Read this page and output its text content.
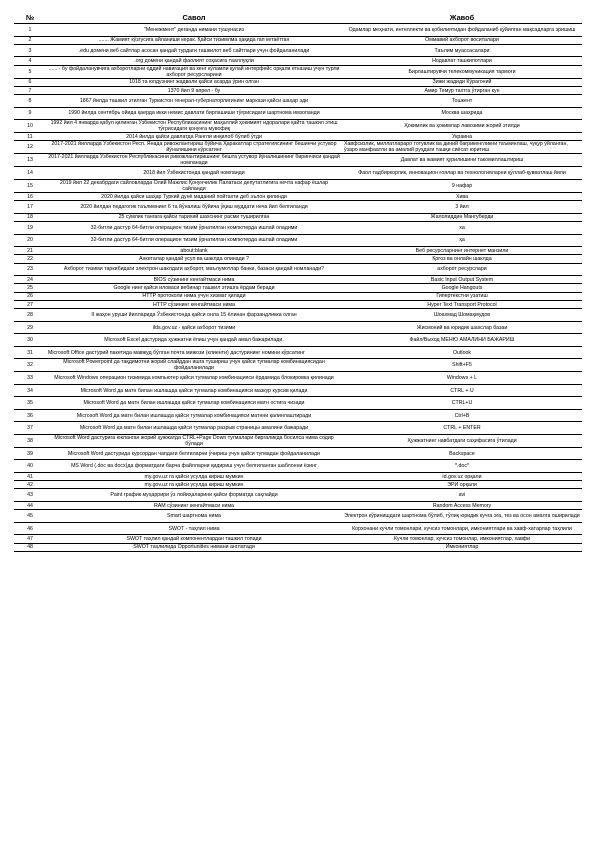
№	Савол	Жавоб
1	"Менежмент" деганда нимани тушунасиз	Одамлар меҳнати, интеллекти ва қобилиятидан фойдаланиб қўйилган мақсадларга эришиш
2	....... Жамият кўзгусига айланиши керак. Қайси тизимлма ҳақида гап кетаётган	Оммавий ахборот воситалари
3	.edu домени веб сайтлар асосан қандай турдаги ташкилот веб сайтлари учун фойдаланилади	Таълим муассасалари
4	.org домени қандай фаолият соҳасига тааллуқли	Нодавлат ташкилотлари
5	...... - бу фойдаланувчига ахборотларни оддий навигация ва кенг кўламли қулай интерфейс орқали етказиш учун турли ахборот ресурсларини	Бирлаштирувчи телекоммуникация тармоғи
6	1018 та юлдузнинг жадвали қайси асарда ўрин олган	Зижи жадиди Кўрагоний
7	1370 йил 9 апрел - бу	Амир Темур тахтга ўтирган кун
8	1867 йилда ташкил этилган Туркистон генерал-губернаторлигининг маркази қайси шаҳар эди	Тошкент
9	1990 йилда сентябрь ойида қаерда икки немис давлати бирлашиши тўғрисидаги шартнома имзоланди	Москва шаҳрида
10	1992 йил 4 январда қабул қилинган Ўзбекистон Республикасининг маҳаллий ҳокимият идоралари қайта ташкил этиш тўғрисидаги қонунга мувофиқ	Ҳокимлик ва ҳокимлар лавозими жорий этилди
11	2014 йилда қайси давлатда Рангли инқилоб бўлиб ўтди	Украина
12	2017-2021 йилларда Ўзбекистон Респ. Янада ривожлантириш бўйича Ҳаракатлар стратегиясининг бешинчи устувор йўналишини кўрсатинг	Хавфсизлик, миллатлараро тотувлик ва диний бағрикенгликни таъминлаш, чуқур ўйланган, ўзаро манфаатли ва амалий руҳдаги ташқи сиёсат юритиш
13	2017-2021 йилларда Ўзбекистон Республикасини ривожлантиришнинг бешта устувор йўналишининг биринчиси қандай номланади	Давлат ва жамият қурилишини такомиллаштириш
14	2018 йил Ўзбекистонда қандай номланди	Фаол тадбиркорлик, инновацион ғоялар ва технологияларни қўллаб-қувватлаш йили
15	2019 йил 22 декабрдаги сайловларда Олий Мажлис Қонунчилик Палатаси депутатлигига нечта нафар ёшлар сайланди	9 нафар
16	2020 йилда қайси шаҳар Туркий дунё маданий пойтахти деб эълон қилинди	Хива
17	2020 йилдан педагогик таълимнинг 6 та йўналиш бўйича ўқиш муддати неча йил белгиланди	3 йил
18	25 сўмлик тангага қайси тарихий шахснинг расми туширилган	Жалолиддин Мангуберди
19	32-битли дастур 64-битли операцион тизим ўрнатилган компютерда ишлай оладими	ха
20	32-битли дастур 64-битли операцион тизим ўрнатилган компютерда ишлай оладими	ҳа
21	about:blank	Веб ресурсларнинг интернет манзили
22	Анкеталар қандай усул ва шаклда олинади ?	Қоғоз ва онлайн шаклда
23	Ахборот тизими таркибидаги электрон шаклдаги ахборот, маълумотлар банки, базаси қандай номланади?	ахборот ресурслари
24	BIOS сўзининг кенгайтмаси нима	Basic Input Output System
25	Google нинг қайси иловаси вебинар ташкил этишга ёрдам беради	Google Hangouts
26	HTTP протоколи нима учун хизмат қилади	Гипертекстни узатиш
27	HTTP сўзининг кенгайтмаси нима	Hyper Text Transport Protocol
28	II жаҳон уруши йилларида Ўзбекистонда қайси онла 15 ёлинан фарзандликка олган	Шоахмад Шомаҳмудов
29	ilds.gov.uz - қайси ахборот тизими	Жисмоний ва юридик шахслар базаи
30	Microsoft Excel дастурида ҳужжатни ёпиш учун қандай амал бажарилади.	Файл/Выход МЕНЮ АМАЛИНИ БАЖАРИШ
31	Microsoft Office дастурий пакетида мавжуд бўлган почта мижози (клиенти) дастурининг номини кўрсатинг	Outlook
32	Microsoft Powerpoint да тақдимотни жорий слайддан ишга тушириш учун қайси тугмалар комбинациясидан фойдаланилади	Shift+F5
33	Microsoft Windows операцион тизимида компьютер қайси тугмалар комбинацияси ёрдамида блокировка қилинади	Windows + L
34	Microsoft Word да матн билан ишлашда қайси тугмалар комбинацияси мазкур курсив қилади	CTRL + U
35	Microsoft Word да матн билан ишлашда қайси тугмалар комбинацияси матн остига чизади	CTRL+U
36	Microsoft Word да матн билан ишлашда қайси тугмалар комбинацияси матнни қалинлаштиради	Ctrl+B
37	Microsoft Word да матн билан ишлашда қайси тугмалар разрыв страницы амалини бажаради	CTRL + ENTER
38	Microsoft Word дастурига юкланган жорий ҳужжатда CTRL+Page Down тугмалари биргаликда босилса нима содир бўлади	Ҳужжатнинг навбатдаги саҳифасига ўтилади
39	Microsoft Word дастурида курсордан чапдаги белгиларни ўчириш учун қайси тугмадан фойдаланилади	Backspace
40	MS Word (.doc ва docx)да форматдаги барча файлларни қидириш учун белгиланган шаблонни ёзинг	*.doc*
41	my.gov.uz га қайси усулда кириш мумкин	id.gov.uz орқали
42	my.gov.uz га қайси усулда кириш мумкин	ЭРИ орқали
43	Paint график муҳаррири ўз лойиҳаларини қайси форматда сақлайди	avi
44	RAM сўзининг кенгайтмаси нима	Random Access Memory
45	Smart шартнома нима	Электрон кўринишдаги шартнома бўлиб, тўлиқ юридик кучга эга, тез ва осон амалга оширилади
46	SWOT - таҳлил нима	Корхонани кучли томонлари, кучсиз томонлари, имкониятлари ва хавф-хатарлар таҳлили
47	SWOT таҳлил қандай компонентлардан ташкил топади	Кучли томонлар, кучсиз томонлар, имкониятлар, хавфи
48	SWOT таҳлилида Opportunities нимани англатади	Имкониятлар
